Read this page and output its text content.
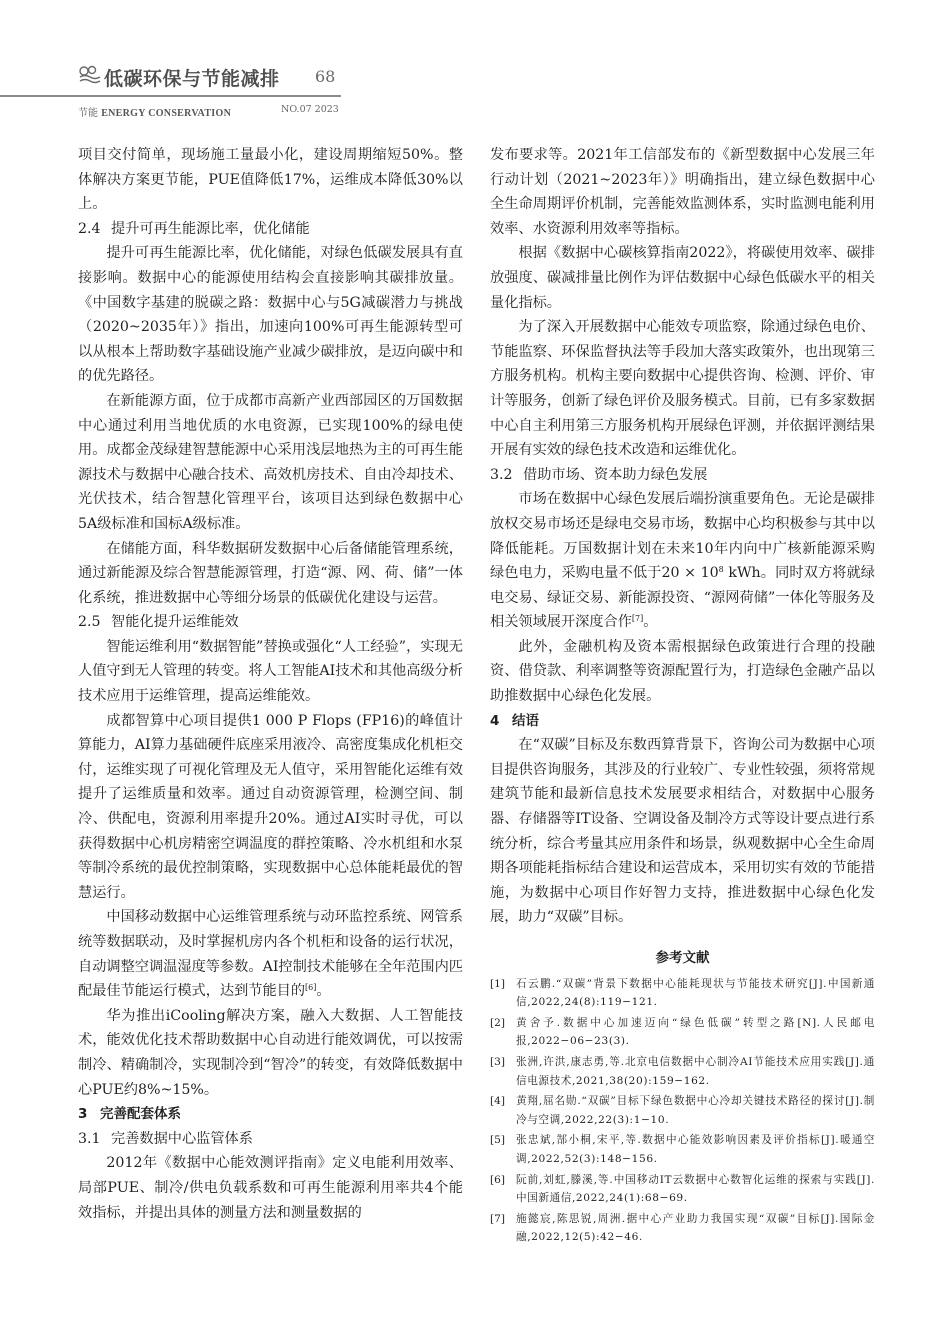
低碳环保与节能减排 68
节能 ENERGY CONSERVATION	NO.07 2023

项目交付简单，现场施工量最小化，建设周期缩短50%。整体解决方案更节能，PUE值降低17%，运维成本降低30%以上。

2.4 提升可再生能源比率，优化储能

提升可再生能源比率，优化储能，对绿色低碳发展具有直接影响。数据中心的能源使用结构会直接影响其碳排放量。《中国数字基建的脱碳之路：数据中心与5G减碳潜力与挑战（2020~2035年）》指出，加速向100%可再生能源转型可以从根本上帮助数字基础设施产业减少碳排放，是迈向碳中和的优先路径。

在新能源方面，位于成都市高新产业西部园区的万国数据中心通过利用当地优质的水电资源，已实现100%的绿电使用。成都金茂绿建智慧能源中心采用浅层地热为主的可再生能源技术与数据中心融合技术、高效机房技术、自由冷却技术、光伏技术，结合智慧化管理平台，该项目达到绿色数据中心5A级标准和国标A级标准。

在储能方面，科华数据研发数据中心后备储能管理系统，通过新能源及综合智慧能源管理，打造“源、网、荷、储”一体化系统，推进数据中心等细分场景的低碳优化建设与运营。

2.5 智能化提升运维能效

智能运维利用“数据智能”替换或强化“人工经验”，实现无人值守到无人管理的转变。将人工智能AI技术和其他高级分析技术应用于运维管理，提高运维能效。

成都智算中心项目提供1 000 P Flops (FP16)的峰值计算能力，AI算力基础硬件底座采用液冷、高密度集成化机柜交付，运维实现了可视化管理及无人值守，采用智能化运维有效提升了运维质量和效率。通过自动资源管理，检测空间、制冷、供配电，资源利用率提升20%。通过AI实时寻优，可以获得数据中心机房精密空调温度的群控策略、冷水机组和水泵等制冷系统的最优控制策略，实现数据中心总体能耗最优的智慧运行。

中国移动数据中心运维管理系统与动环监控系统、网管系统等数据联动，及时掌握机房内各个机柜和设备的运行状况，自动调整空调温湿度等参数。AI控制技术能够在全年范围内匹配最佳节能运行模式，达到节能目的[6]。

华为推出iCooling解决方案，融入大数据、人工智能技术，能效优化技术帮助数据中心自动进行能效调优，可以按需制冷、精确制冷，实现制冷到“智冷”的转变，有效降低数据中心PUE约8%~15%。

3 完善配套体系
3.1 完善数据中心监管体系

2012年《数据中心能效测评指南》定义电能利用效率、局部PUE、制冷/供电负载系数和可再生能源利用率共4个能效指标，并提出具体的测量方法和测量数据的

发布要求等。2021年工信部发布的《新型数据中心发展三年行动计划（2021~2023年）》明确指出，建立绿色数据中心全生命周期评价机制，完善能效监测体系，实时监测电能利用效率、水资源利用效率等指标。

根据《数据中心碳核算指南2022》，将碳使用效率、碳排放强度、碳减排量比例作为评估数据中心绿色低碳水平的相关量化指标。

为了深入开展数据中心能效专项监察，除通过绿色电价、节能监察、环保监督执法等手段加大落实政策外，也出现第三方服务机构。机构主要向数据中心提供咨询、检测、评价、审计等服务，创新了绿色评价及服务模式。目前，已有多家数据中心自主利用第三方服务机构开展绿色评测，并依据评测结果开展有实效的绿色技术改造和运维优化。

3.2 借助市场、资本助力绿色发展

市场在数据中心绿色发展后端扮演重要角色。无论是碳排放权交易市场还是绿电交易市场，数据中心均积极参与其中以降低能耗。万国数据计划在未来10年内向中广核新能源采购绿色电力，采购电量不低于$20 \times 10^8$ kWh。同时双方将就绿电交易、绿证交易、新能源投资、“源网荷储”一体化等服务及相关领域展开深度合作[7]。

此外，金融机构及资本需根据绿色政策进行合理的投融资、借贷款、利率调整等资源配置行为，打造绿色金融产品以助推数据中心绿色化发展。

4 结语

在“双碳”目标及东数西算背景下，咨询公司为数据中心项目提供咨询服务，其涉及的行业较广、专业性较强，须将常规建筑节能和最新信息技术发展要求相结合，对数据中心服务器、存储器等IT设备、空调设备及制冷方式等设计要点进行系统分析，综合考量其应用条件和场景，纵观数据中心全生命周期各项能耗指标结合建设和运营成本，采用切实有效的节能措施，为数据中心项目作好智力支持，推进数据中心绿色化发展，助力“双碳”目标。

参考文献
[1]	石云鹏.“双碳”背景下数据中心能耗现状与节能技术研究[J].中国新通信,2022,24(8):119−121.
[2]	黄舍予.数据中心加速迈向“绿色低碳”转型之路[N].人民邮电报,2022−06−23(3).
[3]	张洲,许洪,康志勇,等.北京电信数据中心制冷AI节能技术应用实践[J].通信电源技术,2021,38(20):159−162.
[4]	黄翔,屈名勋.“双碳”目标下绿色数据中心冷却关键技术路径的探讨[J].制冷与空调,2022,22(3):1−10.
[5]	张忠斌,郜小桐,宋平,等.数据中心能效影响因素及评价指标[J].暖通空调,2022,52(3):148−156.
[6]	阮前,刘虹,滕溪,等.中国移动IT云数据中心数智化运维的探索与实践[J].中国新通信,2022,24(1):68−69.
[7]	施懿宸,陈思锐,周洲.据中心产业助力我国实现“双碳”目标[J].国际金融,2022,12(5):42−46.
